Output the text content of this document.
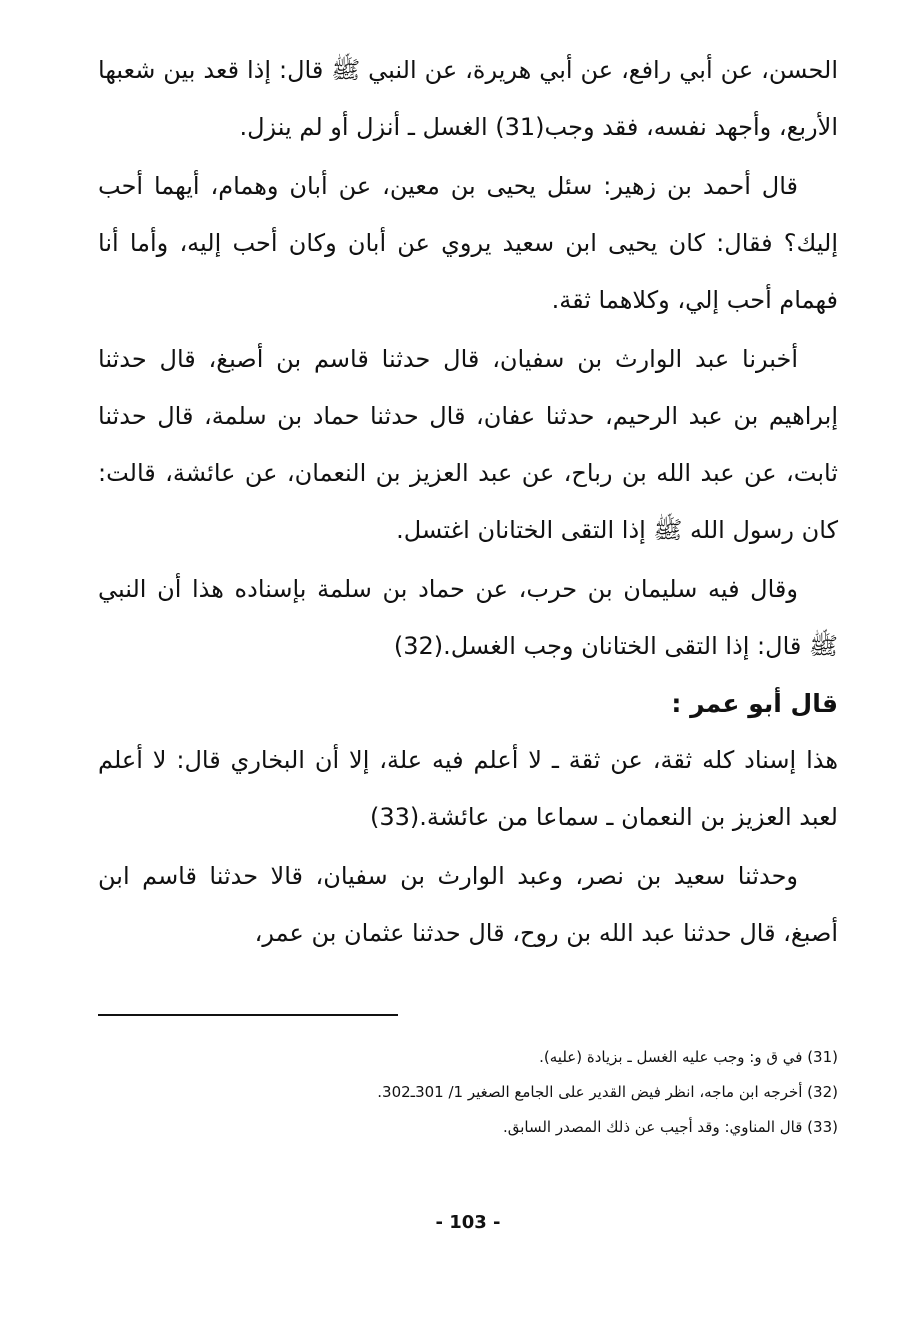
الحسن، عن أبي رافع، عن أبي هريرة، عن النبي ﷺ قال: إذا قعد بين شعبها الأربع، وأجهد نفسه، فقد وجب(31) الغسل ـ أنزل أو لم ينزل.

قال أحمد بن زهير: سئل يحيى بن معين، عن أبان وهمام، أيهما أحب إليك؟ فقال: كان يحيى ابن سعيد يروي عن أبان وكان أحب إليه، وأما أنا فهمام أحب إلي، وكلاهما ثقة.

أخبرنا عبد الوارث بن سفيان، قال حدثنا قاسم بن أصبغ، قال حدثنا إبراهيم بن عبد الرحيم، حدثنا عفان، قال حدثنا حماد بن سلمة، قال حدثنا ثابت، عن عبد الله بن رباح، عن عبد العزيز بن النعمان، عن عائشة، قالت: كان رسول الله ﷺ إذا التقى الختانان اغتسل.

وقال فيه سليمان بن حرب، عن حماد بن سلمة بإسناده هذا أن النبي ﷺ قال: إذا التقى الختانان وجب الغسل.(32)

قال أبو عمر :

هذا إسناد كله ثقة، عن ثقة ـ لا أعلم فيه علة، إلا أن البخاري قال: لا أعلم لعبد العزيز بن النعمان ـ سماعا من عائشة.(33)

وحدثنا سعيد بن نصر، وعبد الوارث بن سفيان، قالا حدثنا قاسم ابن أصبغ، قال حدثنا عبد الله بن روح، قال حدثنا عثمان بن عمر،

(31) في ق و: وجب عليه الغسل ـ بزيادة (عليه).

(32) أخرجه ابن ماجه، انظر فيض القدير على الجامع الصغير 1/ 301ـ302.

(33) قال المناوي: وقد أجيب عن ذلك المصدر السابق.

- 103 -
